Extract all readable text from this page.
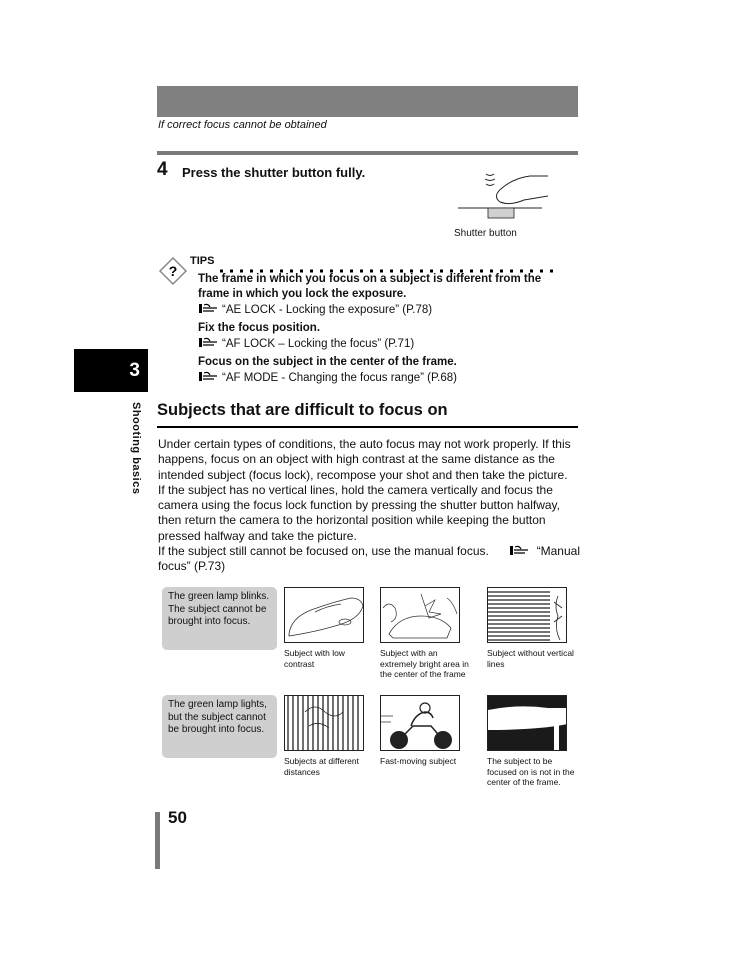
If correct focus cannot be obtained
4 Press the shutter button fully.
Shutter button
?
TIPS
The frame in which you focus on a subject is different from the
frame in which you lock the exposure.
“AE LOCK - Locking the exposure” (P.78)
Fix the focus position.
“AF LOCK – Locking the focus” (P.71)
Focus on the subject in the center of the frame.
“AF MODE - Changing the focus range” (P.68)
3
Shooting basics Subjects that are difficult to focus on
Under certain types of conditions, the auto focus may not work properly. If this
happens, focus on an object with high contrast at the same distance as the
intended subject (focus lock), recompose your shot and then take the picture.
If the subject has no vertical lines, hold the camera vertically and focus the
camera using the focus lock function by pressing the shutter button halfway,
then return the camera to the horizontal position while keeping the button
pressed halfway and take the picture.
If the subject still cannot be focused on, use the manual focus.	“Manual
focus” (P.73)
The green lamp blinks. The subject cannot be brought into focus.
Subject with low contrast
Subject with an extremely bright area in the center of the frame
Subject without vertical lines
The green lamp lights, but the subject cannot be brought into focus.
Subjects at different distances
Fast-moving subject	The subject to be focused on is not in the center of the frame.
50
